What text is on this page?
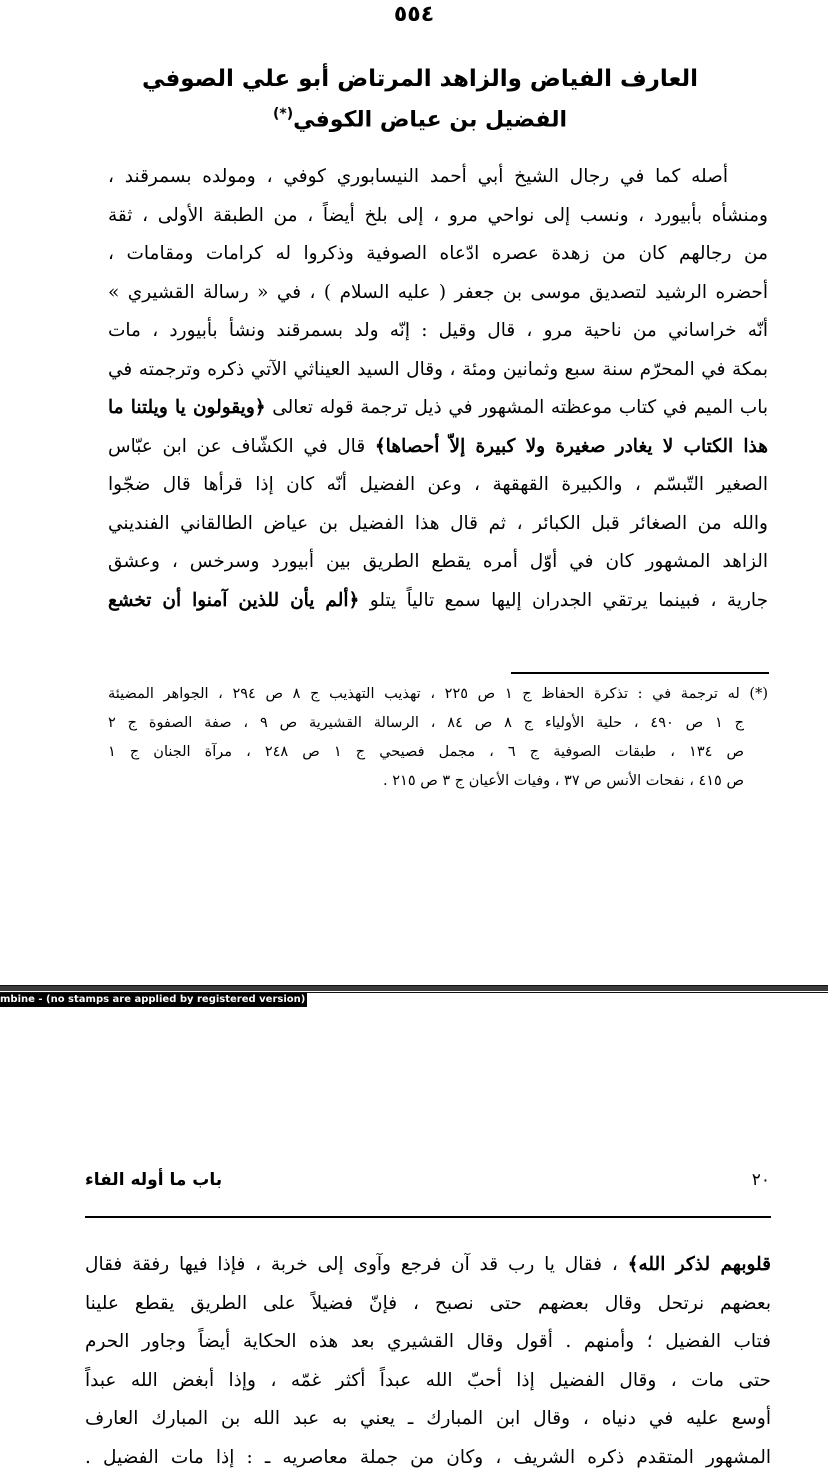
٥٥٤
العارف الفياض والزاهد المرتاض أبو علي الصوفي
الفضيل بن عياض الكوفي(*)
أصله كما في رجال الشيخ أبي أحمد النيسابوري كوفي ، ومولده بسمرقند ،
ومنشأه بأبيورد ، ونسب إلى نواحي مرو ، إلى بلخ أيضاً ، من الطبقة الأولى ، ثقة
من رجالهم كان من زهدة عصره ادّعاه الصوفية وذكروا له كرامات ومقامات ،
أحضره الرشيد لتصديق موسى بن جعفر ( عليه السلام ) ، في « رسالة القشيري »
أنّه خراساني من ناحية مرو ، قال وقيل : إنّه ولد بسمرقند ونشأ بأبيورد ، مات
بمكة في المحرّم سنة سبع وثمانين ومئة ، وقال السيد العيناثي الآتي ذكره وترجمته في
باب الميم في كتاب موعظته المشهور في ذيل ترجمة قوله تعالى ﴿ويقولون يا ويلتنا ما
هذا الكتاب لا يغادر صغيرة ولا كبيرة إلاّ أحصاها﴾ قال في الكشّاف عن ابن عبّاس
الصغير التّبسّم ، والكبيرة القهقهة ، وعن الفضيل أنّه كان إذا قرأها قال ضجّوا
والله من الصغائر قبل الكبائر ، ثم قال هذا الفضيل بن عياض الطالقاني الفنديني
الزاهد المشهور كان في أوّل أمره يقطع الطريق بين أبيورد وسرخس ، وعشق
جارية ، فبينما يرتقي الجدران إليها سمع تالياً يتلو ﴿ألم يأن للذين آمنوا أن تخشع
(*) له ترجمة في : تذكرة الحفاظ ج ١ ص ٢٢٥ ، تهذيب التهذيب ج ٨ ص ٢٩٤ ، الجواهر المضيئة
ج ١ ص ٤٩٠ ، حلية الأولياء ج ٨ ص ٨٤ ، الرسالة القشيرية ص ٩ ، صفة الصفوة ج ٢
ص ١٣٤ ، طبقات الصوفية ج ٦ ، مجمل فصيحي ج ١ ص ٢٤٨ ، مرآة الجنان ج ١
ص ٤١٥ ، نفحات الأنس ص ٣٧ ، وفيات الأعيان ج ٣ ص ٢١٥ .
mbine - (no stamps are applied by registered version)
٢٠
باب ما أوله الفاء
قلوبهم لذكر الله﴾ ، فقال يا رب قد آن فرجع وآوى إلى خربة ، فإذا فيها رفقة فقال
بعضهم نرتحل وقال بعضهم حتى نصبح ، فإنّ فضيلاً على الطريق يقطع علينا
فتاب الفضيل ؛ وأمنهم . أقول وقال القشيري بعد هذه الحكاية أيضاً وجاور الحرم
حتى مات ، وقال الفضيل إذا أحبّ الله عبداً أكثر غمّه ، وإذا أبغض الله عبداً
أوسع عليه في دنياه ، وقال ابن المبارك ـ يعني به عبد الله بن المبارك العارف
المشهور المتقدم ذكره الشريف ، وكان من جملة معاصريه ـ : إذا مات الفضيل .
